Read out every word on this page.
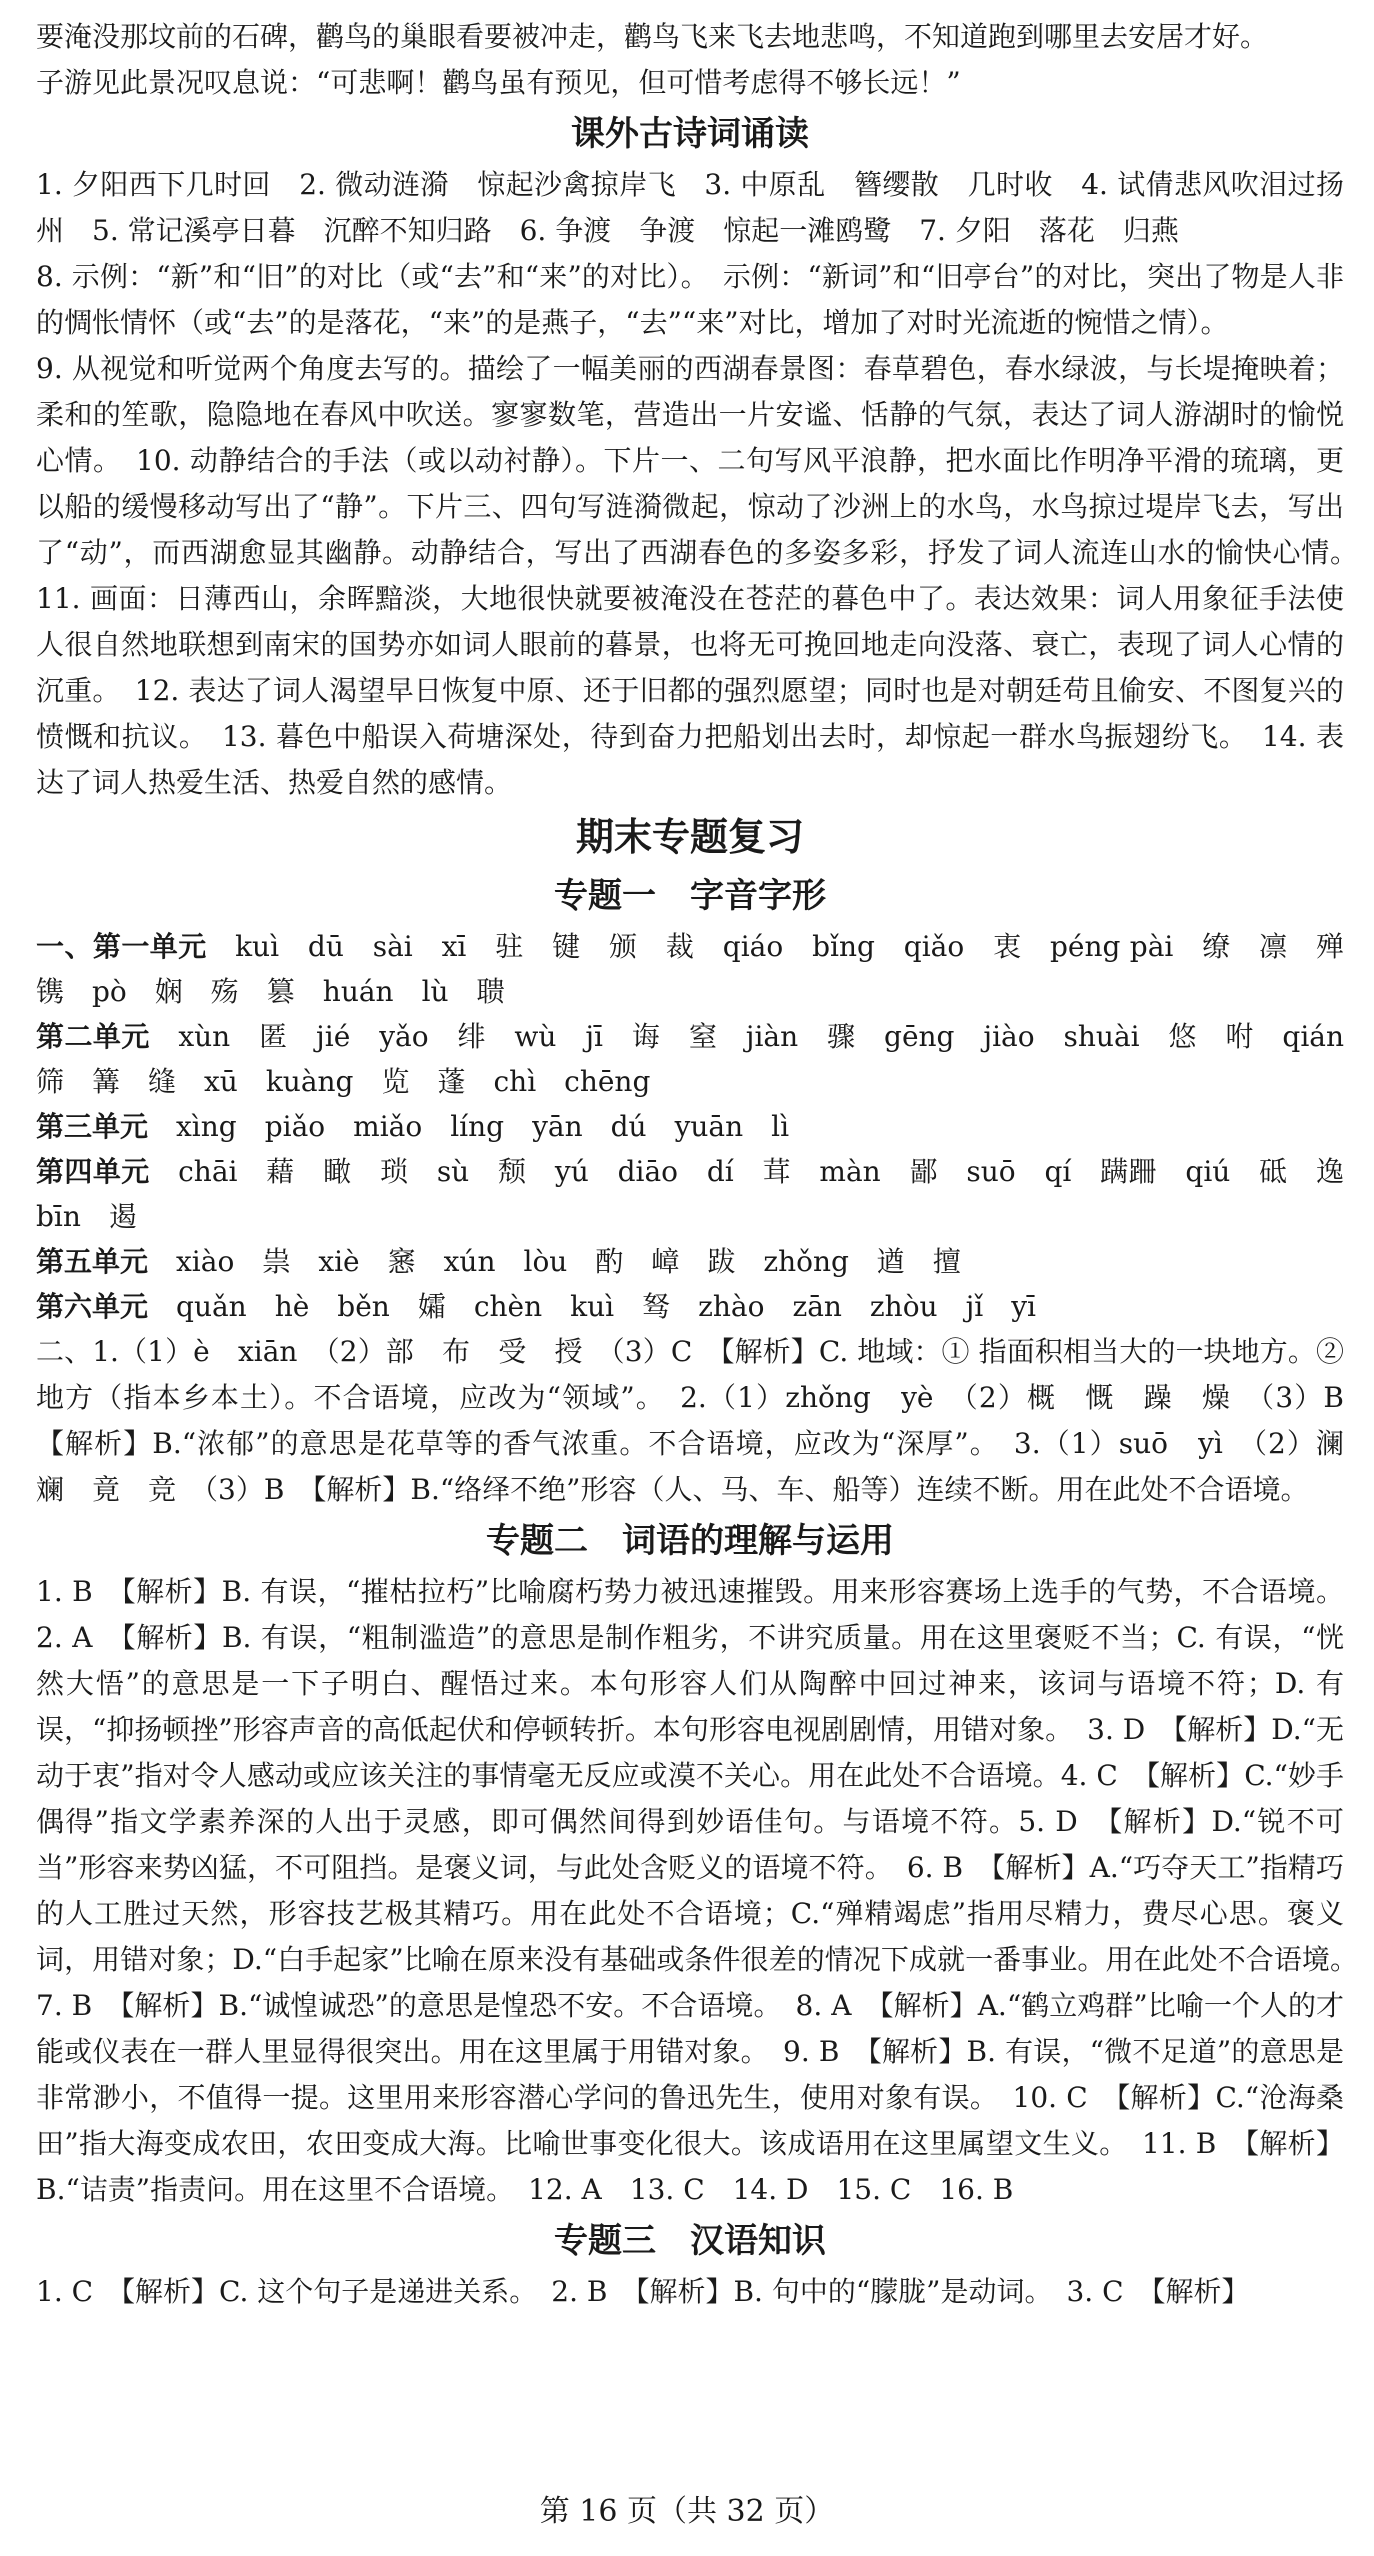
要淹没那坟前的石碑，鹳鸟的巢眼看要被冲走，鹳鸟飞来飞去地悲鸣，不知道跑到哪里去安居才好。

子游见此景况叹息说：“可悲啊！鹳鸟虽有预见，但可惜考虑得不够长远！”

课外古诗词诵读

1. 夕阳西下几时回　2. 微动涟漪　惊起沙禽掠岸飞　3. 中原乱　簪缨散　几时收　4. 试倩悲风吹泪过扬州　5. 常记溪亭日暮　沉醉不知归路　6. 争渡　争渡　惊起一滩鸥鹭　7. 夕阳　落花　归燕

8. 示例：“新”和“旧”的对比（或“去”和“来”的对比）。　示例：“新词”和“旧亭台”的对比，突出了物是人非的惆怅情怀（或“去”的是落花，“来”的是燕子，“去”“来”对比，增加了对时光流逝的惋惜之情）。

9. 从视觉和听觉两个角度去写的。描绘了一幅美丽的西湖春景图：春草碧色，春水绿波，与长堤掩映着；柔和的笙歌，隐隐地在春风中吹送。寥寥数笔，营造出一片安谧、恬静的气氛，表达了词人游湖时的愉悦心情。　10. 动静结合的手法（或以动衬静）。下片一、二句写风平浪静，把水面比作明净平滑的琉璃，更以船的缓慢移动写出了“静”。下片三、四句写涟漪微起，惊动了沙洲上的水鸟，水鸟掠过堤岸飞去，写出了“动”，而西湖愈显其幽静。动静结合，写出了西湖春色的多姿多彩，抒发了词人流连山水的愉快心情。　11. 画面：日薄西山，余晖黯淡，大地很快就要被淹没在苍茫的暮色中了。表达效果：词人用象征手法使人很自然地联想到南宋的国势亦如词人眼前的暮景，也将无可挽回地走向没落、衰亡，表现了词人心情的沉重。　12. 表达了词人渴望早日恢复中原、还于旧都的强烈愿望；同时也是对朝廷苟且偷安、不图复兴的愤慨和抗议。　13. 暮色中船误入荷塘深处，待到奋力把船划出去时，却惊起一群水鸟振翅纷飞。　14. 表达了词人热爱生活、热爱自然的感情。

期末专题复习
专题一　字音字形

一、第一单元　kuì　dū　sài　xī　驻　键　颁　裁　qiáo　bǐng　qiǎo　衷　péng pài　缭　凛　殚　镌　pò　娴　殇　篡　huán　lù　聩

第二单元　xùn　匿　jié　yǎo　绯　wù　jī　诲　窒　jiàn　骤　gēng　jiào　shuài　悠　咐　qián　筛　篝　缝　xū　kuàng　览　蓬　chì　chēng

第三单元　xìng　piǎo　miǎo　líng　yān　dú　yuān　lì

第四单元　chāi　藉　瞰　琐　sù　颓　yú　diāo　dí　茸　màn　鄙　suō　qí　蹒跚　qiú　砥　逸　bīn　遏

第五单元　xiào　祟　xiè　窸　xún　lòu　酌　嶂　跋　zhǒng　遒　擅

第六单元　quǎn　hè　běn　孀　chèn　kuì　驽　zhào　zān　zhòu　jǐ　yī

二、1.（1）è　xiān　（2）部　布　受　授　（3）C　【解析】C. 地域：① 指面积相当大的一块地方。② 地方（指本乡本土）。不合语境，应改为“领域”。　2.（1）zhǒng　yè　（2）概　慨　躁　燥　（3）B　【解析】B.“浓郁”的意思是花草等的香气浓重。不合语境，应改为“深厚”。　3.（1）suō　yì　（2）澜　斓　竟　竞　（3）B　【解析】B.“络绎不绝”形容（人、马、车、船等）连续不断。用在此处不合语境。

专题二　词语的理解与运用

1. B　【解析】B. 有误，“摧枯拉朽”比喻腐朽势力被迅速摧毁。用来形容赛场上选手的气势，不合语境。2. A　【解析】B. 有误，“粗制滥造”的意思是制作粗劣，不讲究质量。用在这里褒贬不当；C. 有误，“恍然大悟”的意思是一下子明白、醒悟过来。本句形容人们从陶醉中回过神来，该词与语境不符；D. 有误，“抑扬顿挫”形容声音的高低起伏和停顿转折。本句形容电视剧剧情，用错对象。　3. D　【解析】D.“无动于衷”指对令人感动或应该关注的事情毫无反应或漠不关心。用在此处不合语境。4. C　【解析】C.“妙手偶得”指文学素养深的人出于灵感，即可偶然间得到妙语佳句。与语境不符。5. D　【解析】D.“锐不可当”形容来势凶猛，不可阻挡。是褒义词，与此处含贬义的语境不符。　6. B　【解析】A.“巧夺天工”指精巧的人工胜过天然，形容技艺极其精巧。用在此处不合语境；C.“殚精竭虑”指用尽精力，费尽心思。褒义词，用错对象；D.“白手起家”比喻在原来没有基础或条件很差的情况下成就一番事业。用在此处不合语境。　7. B　【解析】B.“诚惶诚恐”的意思是惶恐不安。不合语境。　8. A　【解析】A.“鹤立鸡群”比喻一个人的才能或仪表在一群人里显得很突出。用在这里属于用错对象。　9. B　【解析】B. 有误，“微不足道”的意思是非常渺小，不值得一提。这里用来形容潜心学问的鲁迅先生，使用对象有误。　10. C　【解析】C.“沧海桑田”指大海变成农田，农田变成大海。比喻世事变化很大。该成语用在这里属望文生义。　11. B　【解析】B.“诘责”指责问。用在这里不合语境。　12. A　13. C　14. D　15. C　16. B

专题三　汉语知识

1. C　【解析】C. 这个句子是递进关系。　2. B　【解析】B. 句中的“朦胧”是动词。　3. C　【解析】

第 16 页（共 32 页）
